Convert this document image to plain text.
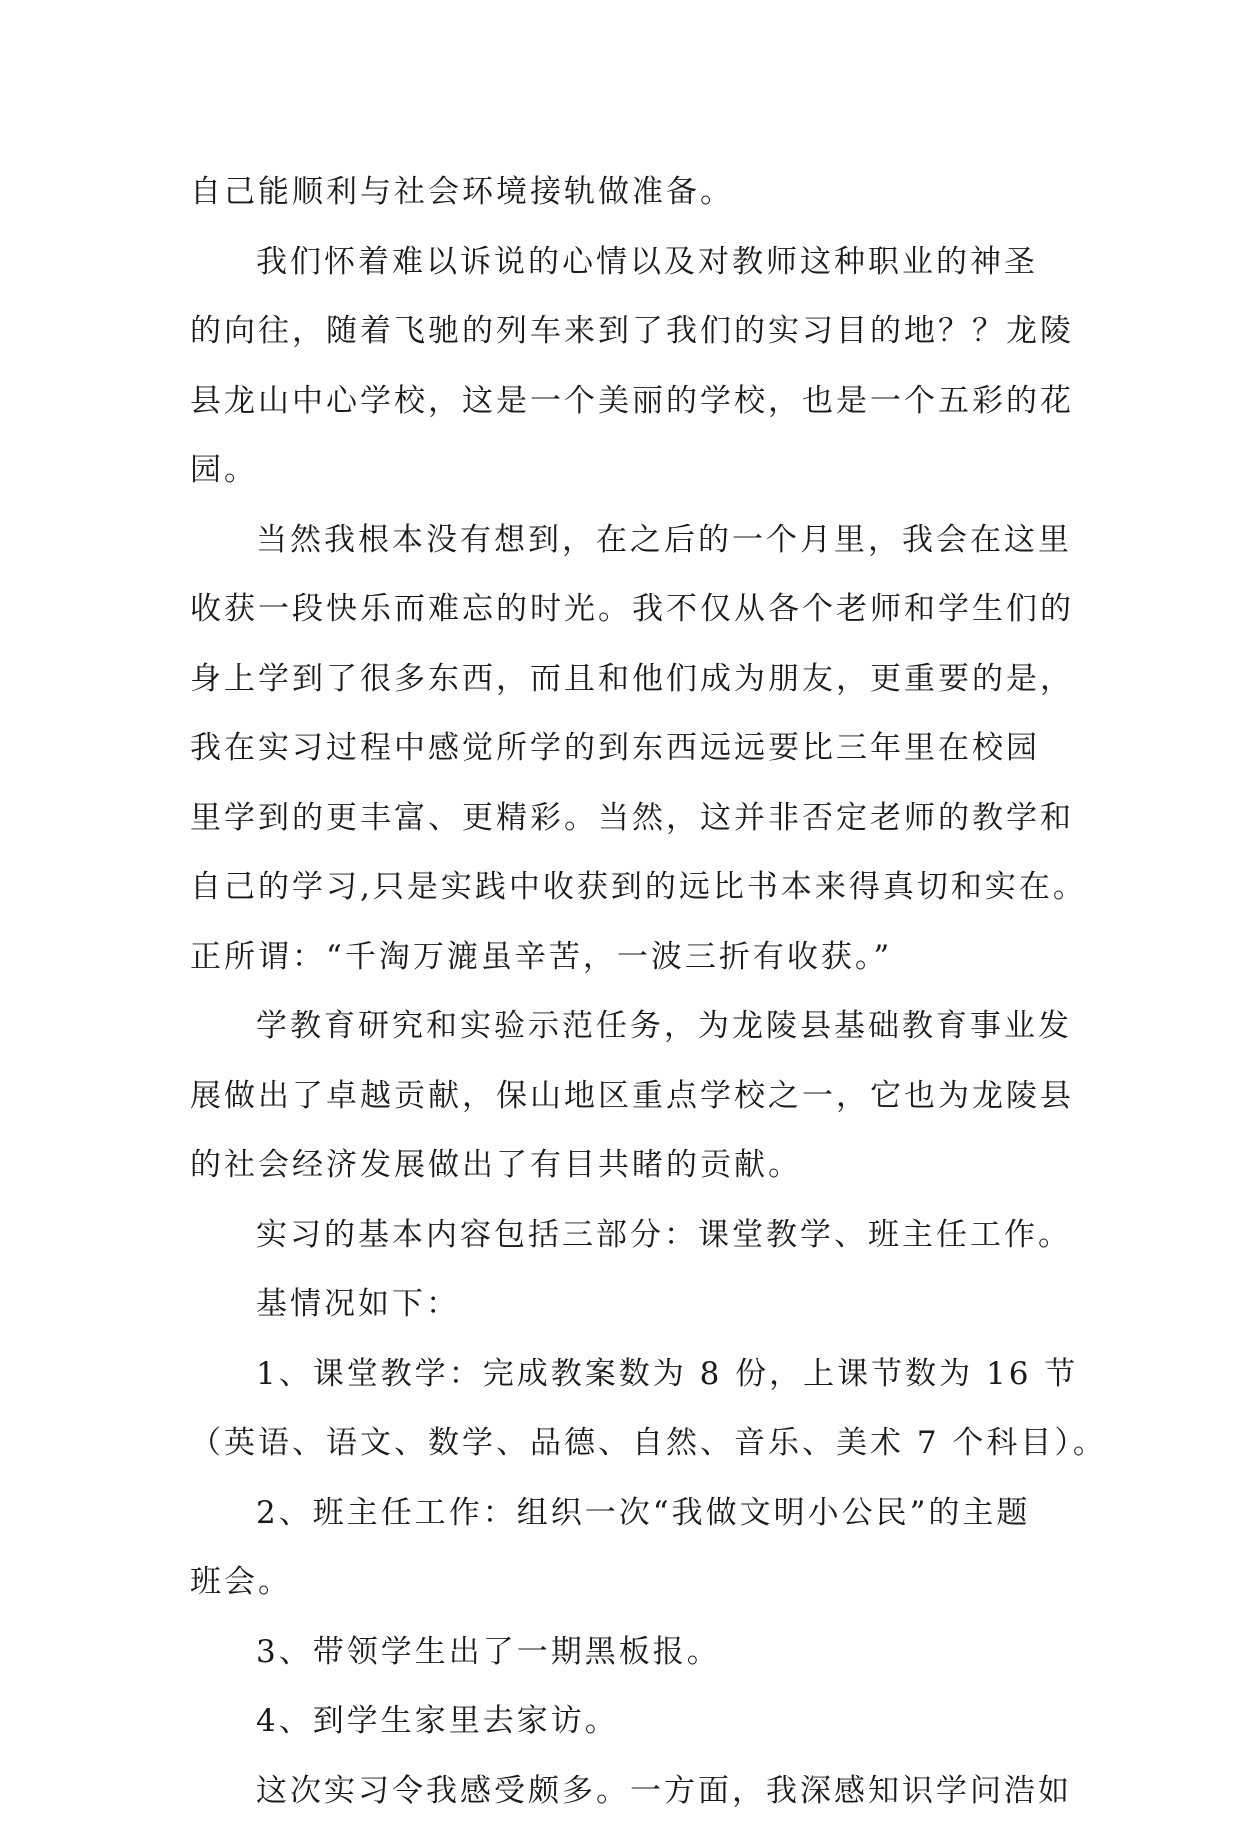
自己能顺利与社会环境接轨做准备。
我们怀着难以诉说的心情以及对教师这种职业的神圣
的向往，随着飞驰的列车来到了我们的实习目的地？？龙陵
县龙山中心学校，这是一个美丽的学校，也是一个五彩的花
园。
当然我根本没有想到，在之后的一个月里，我会在这里
收获一段快乐而难忘的时光。我不仅从各个老师和学生们的
身上学到了很多东西，而且和他们成为朋友，更重要的是，
我在实习过程中感觉所学的到东西远远要比三年里在校园
里学到的更丰富、更精彩。当然，这并非否定老师的教学和
自己的学习,只是实践中收获到的远比书本来得真切和实在。
正所谓：“千淘万漉虽辛苦，一波三折有收获。”
学教育研究和实验示范任务，为龙陵县基础教育事业发
展做出了卓越贡献，保山地区重点学校之一，它也为龙陵县
的社会经济发展做出了有目共睹的贡献。
实习的基本内容包括三部分：课堂教学、班主任工作。
基情况如下：
1、课堂教学：完成教案数为 8 份，上课节数为 16 节
（英语、语文、数学、品德、自然、音乐、美术 7 个科目）。
2、班主任工作：组织一次“我做文明小公民”的主题
班会。
3、带领学生出了一期黑板报。
4、到学生家里去家访。
这次实习令我感受颇多。一方面，我深感知识学问浩如
